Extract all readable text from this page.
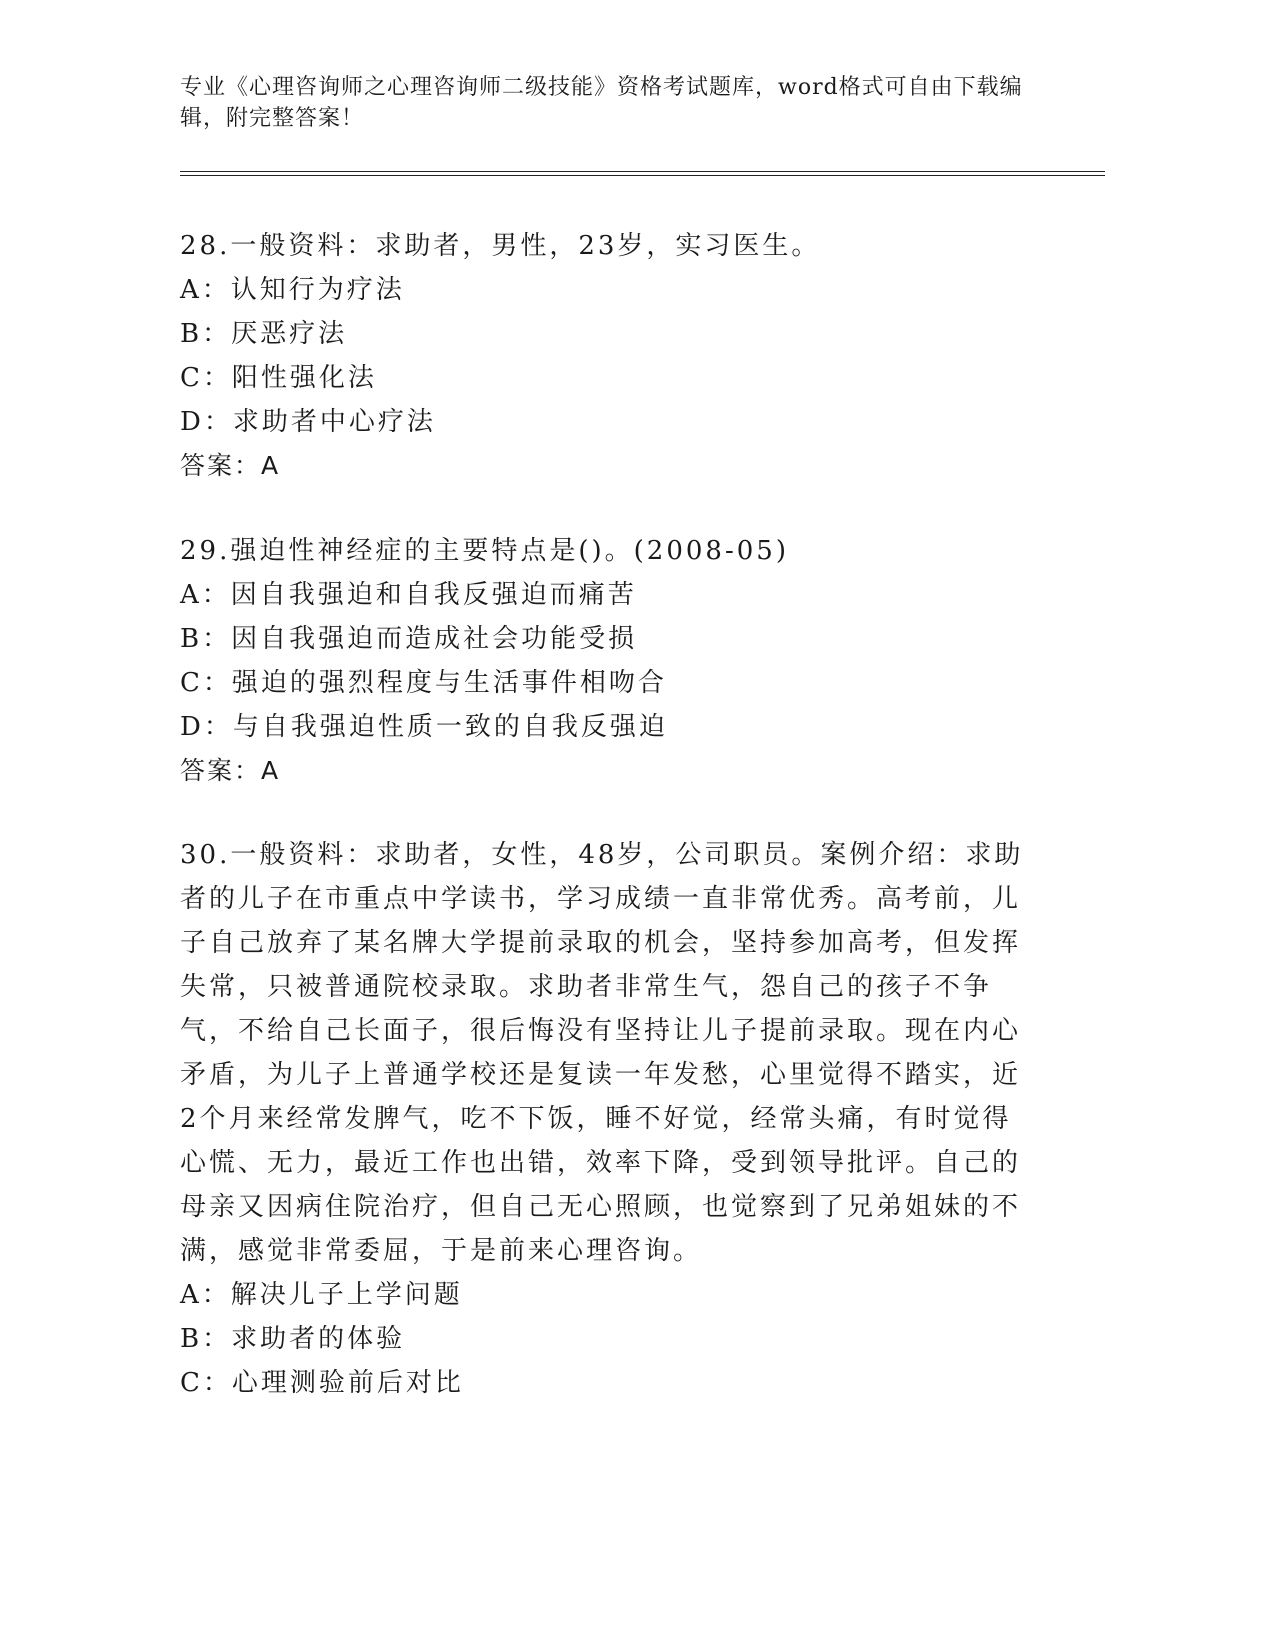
专业《心理咨询师之心理咨询师二级技能》资格考试题库，word格式可自由下载编辑，附完整答案！
28.一般资料：求助者，男性，23岁，实习医生。
A：认知行为疗法
B：厌恶疗法
C：阳性强化法
D：求助者中心疗法
答案：A
29.强迫性神经症的主要特点是()。(2008-05)
A：因自我强迫和自我反强迫而痛苦
B：因自我强迫而造成社会功能受损
C：强迫的强烈程度与生活事件相吻合
D：与自我强迫性质一致的自我反强迫
答案：A
30.一般资料：求助者，女性，48岁，公司职员。案例介绍：求助者的儿子在市重点中学读书，学习成绩一直非常优秀。高考前，儿子自己放弃了某名牌大学提前录取的机会，坚持参加高考，但发挥失常，只被普通院校录取。求助者非常生气，怨自己的孩子不争气，不给自己长面子，很后悔没有坚持让儿子提前录取。现在内心矛盾，为儿子上普通学校还是复读一年发愁，心里觉得不踏实，近2个月来经常发脾气，吃不下饭，睡不好觉，经常头痛，有时觉得心慌、无力，最近工作也出错，效率下降，受到领导批评。自己的母亲又因病住院治疗，但自己无心照顾，也觉察到了兄弟姐妹的不满，感觉非常委屈，于是前来心理咨询。
A：解决儿子上学问题
B：求助者的体验
C：心理测验前后对比
